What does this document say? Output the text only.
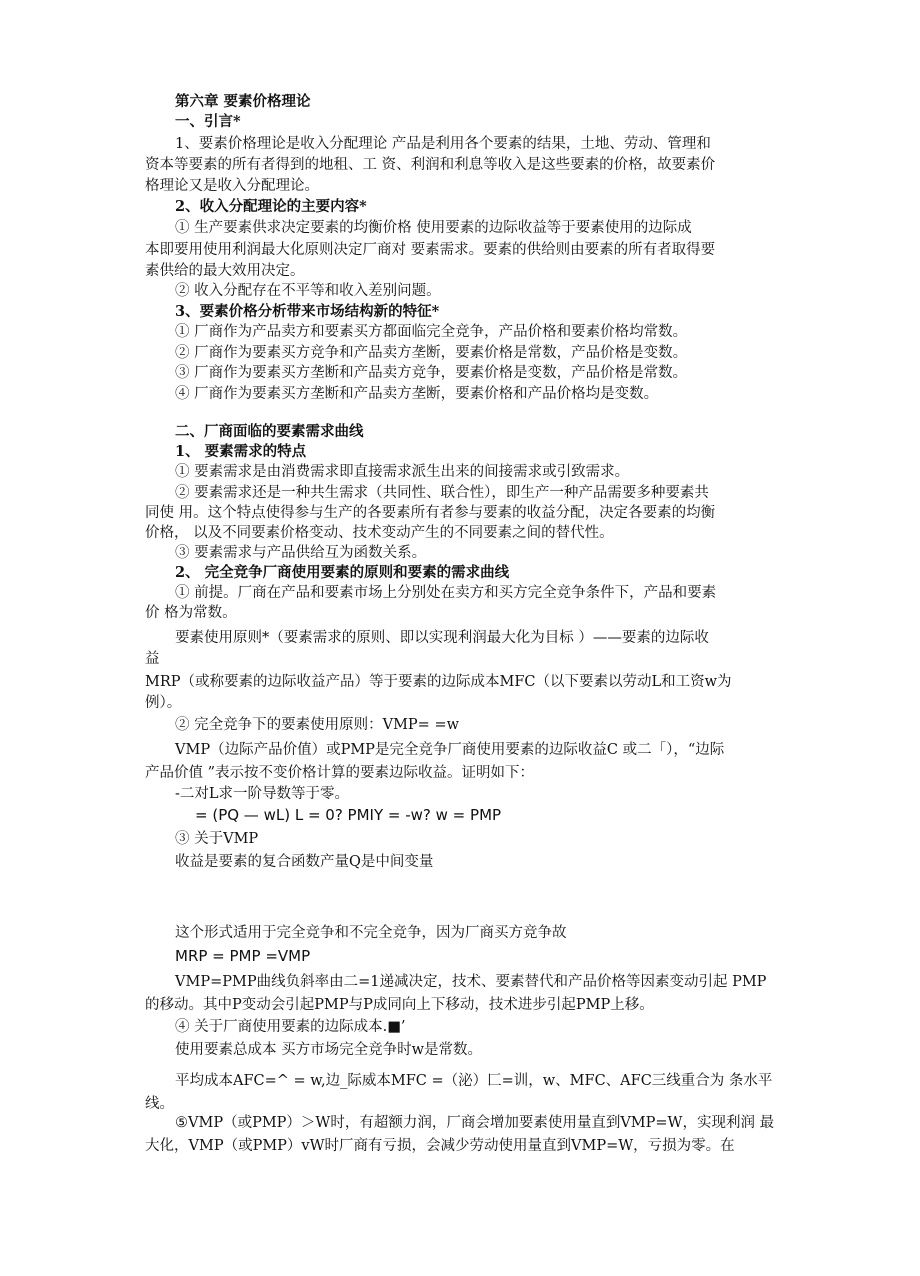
第六章 要素价格理论
一、引言*
1、要素价格理论是收入分配理论 产品是利用各个要素的结果，土地、劳动、管理和
资本等要素的所有者得到的地租、工 资、利润和利息等收入是这些要素的价格，故要素价
格理论又是收入分配理论。
2、收入分配理论的主要内容*
① 生产要素供求决定要素的均衡价格 使用要素的边际收益等于要素使用的边际成
本即要用使用利润最大化原则决定厂商对 要素需求。要素的供给则由要素的所有者取得要
素供给的最大效用决定。
② 收入分配存在不平等和收入差别问题。
3、要素价格分析带来市场结构新的特征*
① 厂商作为产品卖方和要素买方都面临完全竞争，产品价格和要素价格均常数。
② 厂商作为要素买方竞争和产品卖方垄断，要素价格是常数，产品价格是变数。
③ 厂商作为要素买方垄断和产品卖方竞争，要素价格是变数，产品价格是常数。
④ 厂商作为要素买方垄断和产品卖方垄断，要素价格和产品价格均是变数。
二、厂商面临的要素需求曲线
1、 要素需求的特点
① 要素需求是由消费需求即直接需求派生出来的间接需求或引致需求。
② 要素需求还是一种共生需求（共同性、联合性），即生产一种产品需要多种要素共
同使 用。这个特点使得参与生产的各要素所有者参与要素的收益分配，决定各要素的均衡
价格， 以及不同要素价格变动、技术变动产生的不同要素之间的替代性。
③ 要素需求与产品供给互为函数关系。
2、 完全竞争厂商使用要素的原则和要素的需求曲线
① 前提。厂商在产品和要素市场上分别处在卖方和买方完全竞争条件下，产品和要素
价 格为常数。
要素使用原则*（要素需求的原则、即以实现利润最大化为目标 ）——要素的边际收
益
MRP（或称要素的边际收益产品）等于要素的边际成本MFC（以下要素以劳动L和工资w为
例）。
② 完全竞争下的要素使用原则：VMP= =w
VMP（边际产品价值）或PMP是完全竞争厂商使用要素的边际收益C 或二「），“边际
产品价值 ”表示按不变价格计算的要素边际收益。证明如下：
-二对L求一阶导数等于零。
= (PQ — wL) L = 0? PMIY = -w? w = PMP
③ 关于VMP
收益是要素的复合函数产量Q是中间变量
这个形式适用于完全竞争和不完全竞争，因为厂商买方竞争故
MRP = PMP =VMP
VMP=PMP曲线负斜率由二=1递减决定，技术、要素替代和产品价格等因素变动引起 PMP
的移动。其中P变动会引起PMP与P成同向上下移动，技术进步引起PMP上移。
④ 关于厂商使用要素的边际成本.■’
使用要素总成本 买方市场完全竞争时w是常数。
平均成本AFC=^ = w,边_际威本MFC =（泌）匚=训，w、MFC、AFC三线重合为 条水平
线。
⑤VMP（或PMP）＞W时，有超额力润，厂商会增加要素使用量直到VMP=W，实现利润 最
大化，VMP（或PMP）vW时厂商有亏损，会减少劳动使用量直到VMP=W，亏损为零。在
